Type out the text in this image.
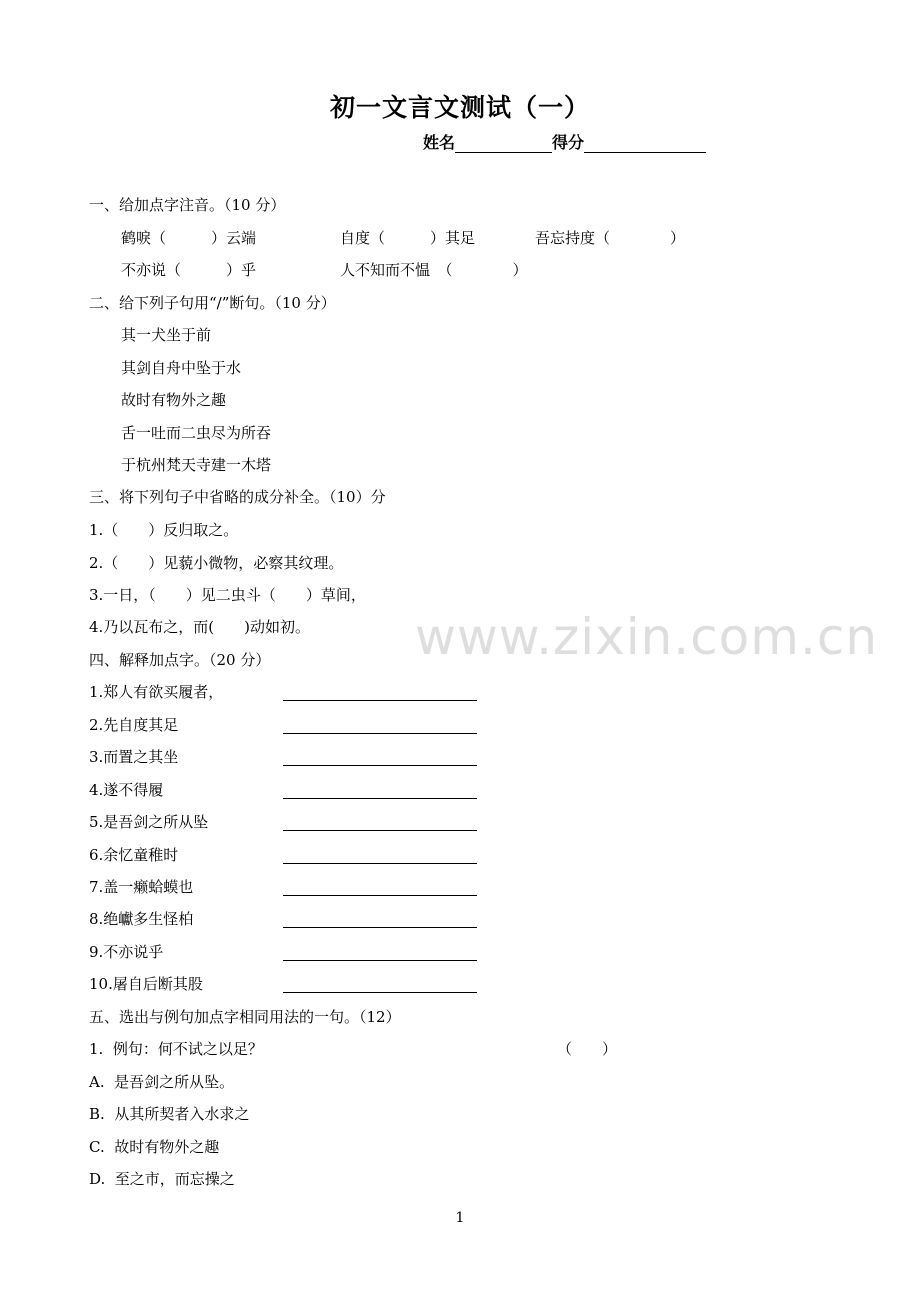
初一文言文测试（一）
姓名	得分
一、给加点字注音。（10 分）
鹤唳（　　　）云端	自度（　　　）其足	吾忘持度（　　　　）
不亦说（　　　）乎	人不知而不愠　（　　　　）
二、给下列子句用“/”断句。（10 分）
其一犬坐于前
其剑自舟中坠于水
故时有物外之趣
舌一吐而二虫尽为所吞
于杭州梵天寺建一木塔
三、将下列句子中省略的成分补全。（10）分
1.（　　）反归取之。
2.（　　）见藐小微物，必察其纹理。
3.一日，（　　）见二虫斗（　　）草间，
4.乃以瓦布之，而(　　)动如初。
四、解释加点字。（20 分）
1.郑人有欲买履者，
2.先自度其足
3.而置之其坐
4.遂不得履
5.是吾剑之所从坠
6.余忆童稚时
7.盖一癞蛤蟆也
8.绝巘多生怪柏
9.不亦说乎
10.屠自后断其股
五、选出与例句加点字相同用法的一句。（12）
1.  例句：何不试之以足？	（　　）
A.  是吾剑之所从坠。
B.  从其所契者入水求之
C.  故时有物外之趣
D.  至之市，而忘操之
www.zixin.com.cn
1
